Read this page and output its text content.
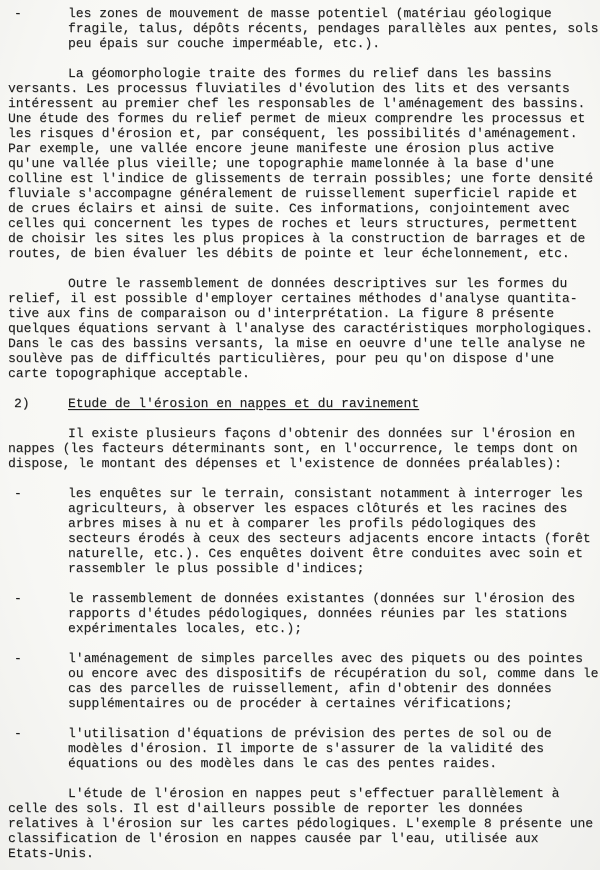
-	les zones de mouvement de masse potentiel (matériau géologique
fragile, talus, dépôts récents, pendages parallèles aux pentes, sols
peu épais sur couche imperméable, etc.).
La géomorphologie traite des formes du relief dans les bassins
versants. Les processus fluviatiles d'évolution des lits et des versants
intéressent au premier chef les responsables de l'aménagement des bassins.
Une étude des formes du relief permet de mieux comprendre les processus et
les risques d'érosion et, par conséquent, les possibilités d'aménagement.
Par exemple, une vallée encore jeune manifeste une érosion plus active
qu'une vallée plus vieille; une topographie mamelonnée à la base d'une
colline est l'indice de glissements de terrain possibles; une forte densité
fluviale s'accompagne généralement de ruissellement superficiel rapide et
de crues éclairs et ainsi de suite. Ces informations, conjointement avec
celles qui concernent les types de roches et leurs structures, permettent
de choisir les sites les plus propices à la construction de barrages et de
routes, de bien évaluer les débits de pointe et leur échelonnement, etc.
Outre le rassemblement de données descriptives sur les formes du
relief, il est possible d'employer certaines méthodes d'analyse quantita-
tive aux fins de comparaison ou d'interprétation. La figure 8 présente
quelques équations servant à l'analyse des caractéristiques morphologiques.
Dans le cas des bassins versants, la mise en oeuvre d'une telle analyse ne
soulève pas de difficultés particulières, pour peu qu'on dispose d'une
carte topographique acceptable.
2)	Etude de l'érosion en nappes et du ravinement
Il existe plusieurs façons d'obtenir des données sur l'érosion en
nappes (les facteurs déterminants sont, en l'occurrence, le temps dont on
dispose, le montant des dépenses et l'existence de données préalables):
-	les enquêtes sur le terrain, consistant notamment à interroger les
agriculteurs, à observer les espaces clôturés et les racines des
arbres mises à nu et à comparer les profils pédologiques des
secteurs érodés à ceux des secteurs adjacents encore intacts (forêt
naturelle, etc.). Ces enquêtes doivent être conduites avec soin et
rassembler le plus possible d'indices;
-	le rassemblement de données existantes (données sur l'érosion des
rapports d'études pédologiques, données réunies par les stations
expérimentales locales, etc.);
-	l'aménagement de simples parcelles avec des piquets ou des pointes
ou encore avec des dispositifs de récupération du sol, comme dans le
cas des parcelles de ruissellement, afin d'obtenir des données
supplémentaires ou de procéder à certaines vérifications;
-	l'utilisation d'équations de prévision des pertes de sol ou de
modèles d'érosion. Il importe de s'assurer de la validité des
équations ou des modèles dans le cas des pentes raides.
L'étude de l'érosion en nappes peut s'effectuer parallèlement à
celle des sols. Il est d'ailleurs possible de reporter les données
relatives à l'érosion sur les cartes pédologiques. L'exemple 8 présente une
classification de l'érosion en nappes causée par l'eau, utilisée aux
Etats-Unis.
